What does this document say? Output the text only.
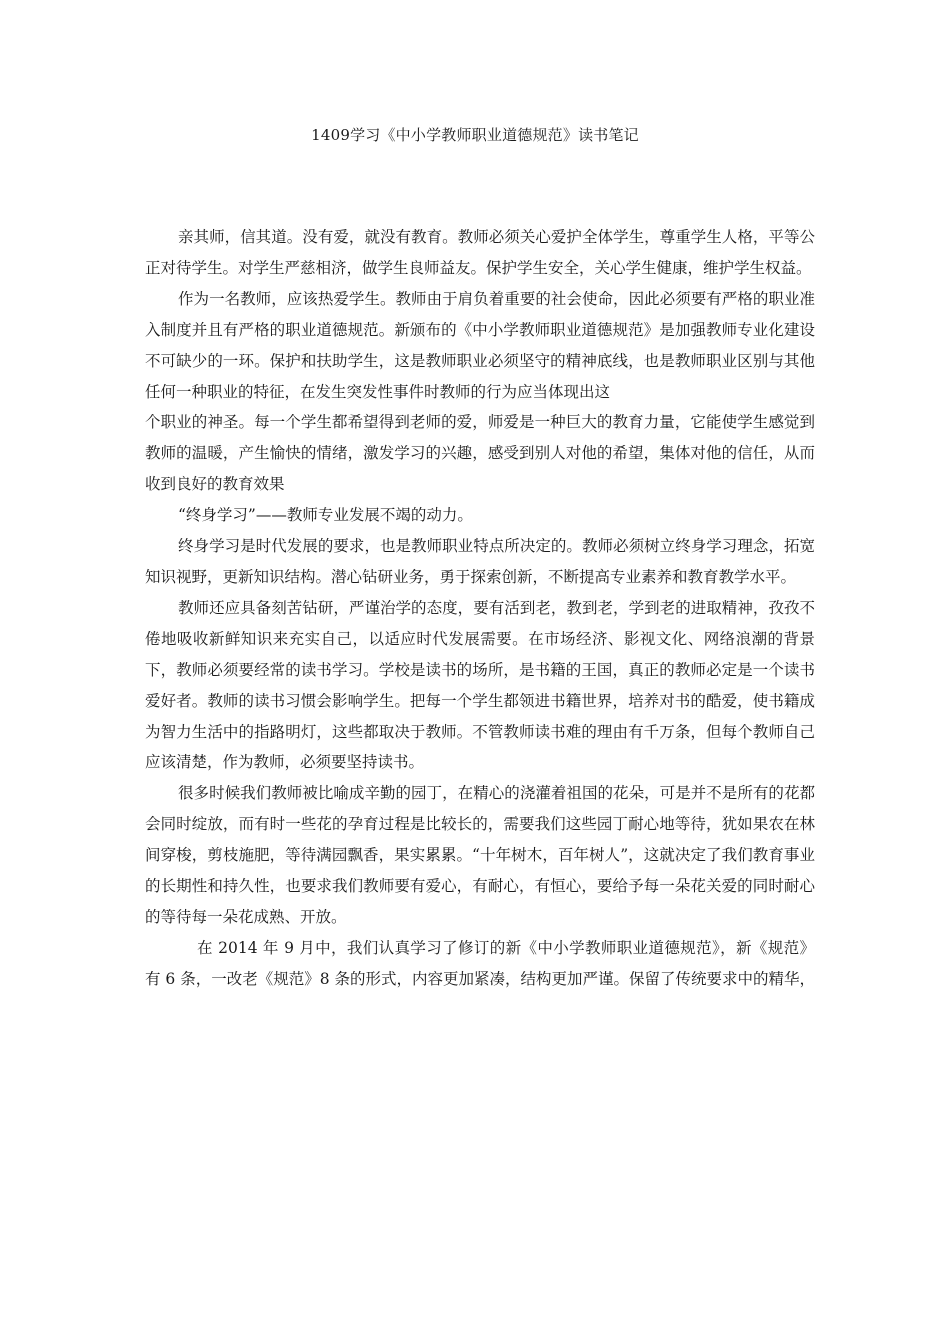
1409学习《中小学教师职业道德规范》读书笔记

亲其师，信其道。没有爱，就没有教育。教师必须关心爱护全体学生，尊重学生人格，平等公正对待学生。对学生严慈相济，做学生良师益友。保护学生安全，关心学生健康，维护学生权益。

作为一名教师，应该热爱学生。教师由于肩负着重要的社会使命，因此必须要有严格的职业准入制度并且有严格的职业道德规范。新颁布的《中小学教师职业道德规范》是加强教师专业化建设不可缺少的一环。保护和扶助学生，这是教师职业必须坚守的精神底线，也是教师职业区别与其他任何一种职业的特征，在发生突发性事件时教师的行为应当体现出这

个职业的神圣。每一个学生都希望得到老师的爱，师爱是一种巨大的教育力量，它能使学生感觉到教师的温暖，产生愉快的情绪，激发学习的兴趣，感受到别人对他的希望，集体对他的信任，从而收到良好的教育效果

“终身学习”——教师专业发展不竭的动力。

终身学习是时代发展的要求，也是教师职业特点所决定的。教师必须树立终身学习理念，拓宽知识视野，更新知识结构。潜心钻研业务，勇于探索创新，不断提高专业素养和教育教学水平。

教师还应具备刻苦钻研，严谨治学的态度，要有活到老，教到老，学到老的进取精神，孜孜不倦地吸收新鲜知识来充实自己，以适应时代发展需要。在市场经济、影视文化、网络浪潮的背景下，教师必须要经常的读书学习。学校是读书的场所，是书籍的王国，真正的教师必定是一个读书爱好者。教师的读书习惯会影响学生。把每一个学生都领进书籍世界，培养对书的酷爱，使书籍成为智力生活中的指路明灯，这些都取决于教师。不管教师读书难的理由有千万条，但每个教师自己应该清楚，作为教师，必须要坚持读书。

很多时候我们教师被比喻成辛勤的园丁，在精心的浇灌着祖国的花朵，可是并不是所有的花都会同时绽放，而有时一些花的孕育过程是比较长的，需要我们这些园丁耐心地等待，犹如果农在林间穿梭，剪枝施肥，等待满园飘香，果实累累。“十年树木，百年树人”，这就决定了我们教育事业的长期性和持久性，也要求我们教师要有爱心，有耐心，有恒心，要给予每一朵花关爱的同时耐心的等待每一朵花成熟、开放。

在 2014 年 9 月中，我们认真学习了修订的新《中小学教师职业道德规范》，新《规范》有 6 条，一改老《规范》8 条的形式，内容更加紧凑，结构更加严谨。保留了传统要求中的精华，
